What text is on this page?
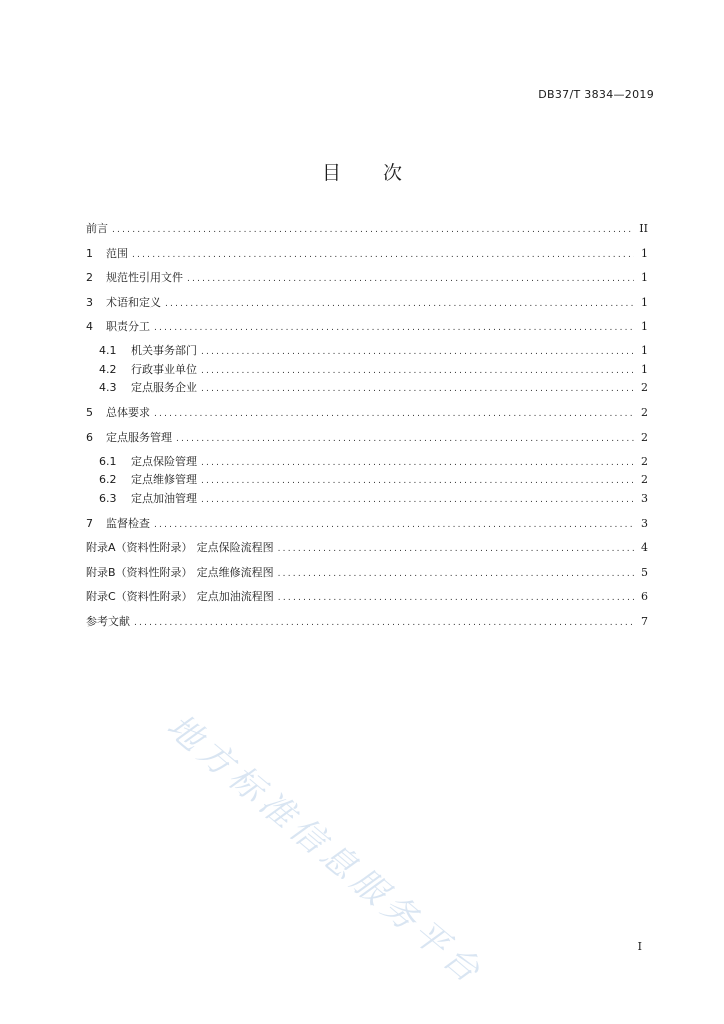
DB37/T 3834—2019
目 次
前言 .....	II
1	范围 .....	1
2	规范性引用文件 .....	1
3	术语和定义 .....	1
4	职责分工 .....	1
4.1	机关事务部门 .....	1
4.2	行政事业单位 .....	1
4.3	定点服务企业 .....	2
5	总体要求 .....	2
6	定点服务管理 .....	2
6.1	定点保险管理 .....	2
6.2	定点维修管理 .....	2
6.3	定点加油管理 .....	3
7	监督检查 .....	3
附录A（资料性附录） 定点保险流程图 .....	4
附录B（资料性附录） 定点维修流程图 .....	5
附录C（资料性附录） 定点加油流程图 .....	6
参考文献 .....	7
地方标准信息服务平台	I
